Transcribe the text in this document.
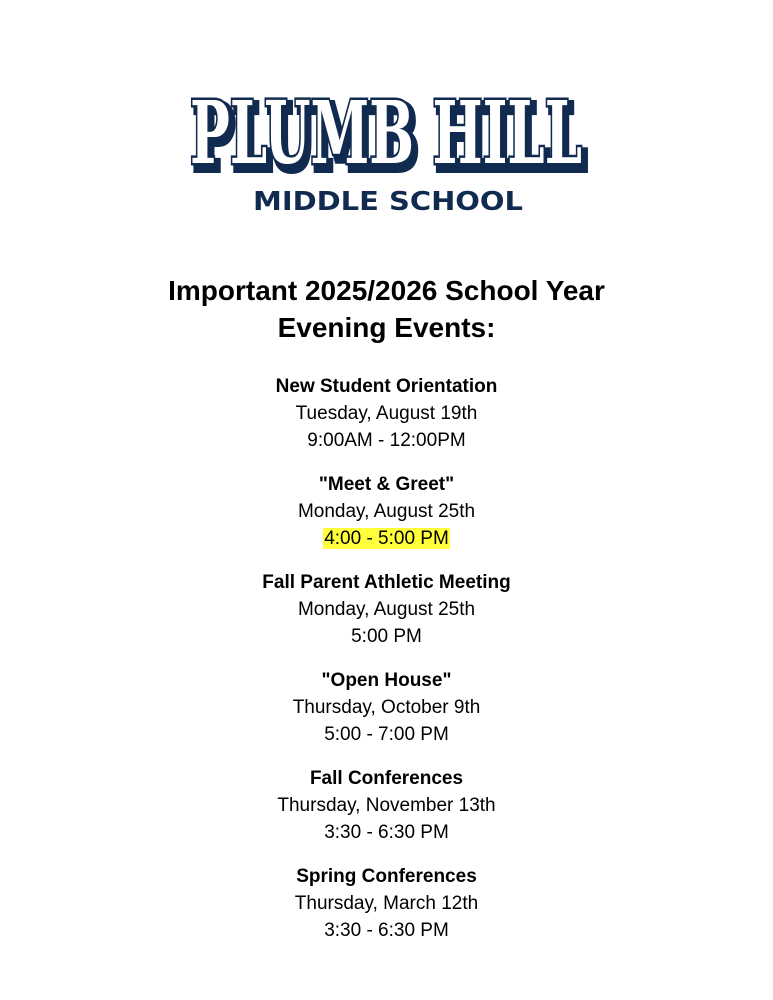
PLUMB HILL
PLUMB HILL
MIDDLE SCHOOL
Important 2025/2026 School Year
Evening Events:
New Student Orientation
Tuesday, August 19th
9:00AM - 12:00PM
"Meet & Greet"
Monday, August 25th
4:00 - 5:00 PM
Fall Parent Athletic Meeting
Monday, August 25th
5:00 PM
"Open House"
Thursday, October 9th
5:00 - 7:00 PM
Fall Conferences
Thursday, November 13th
3:30 - 6:30 PM
Spring Conferences
Thursday, March 12th
3:30 - 6:30 PM
